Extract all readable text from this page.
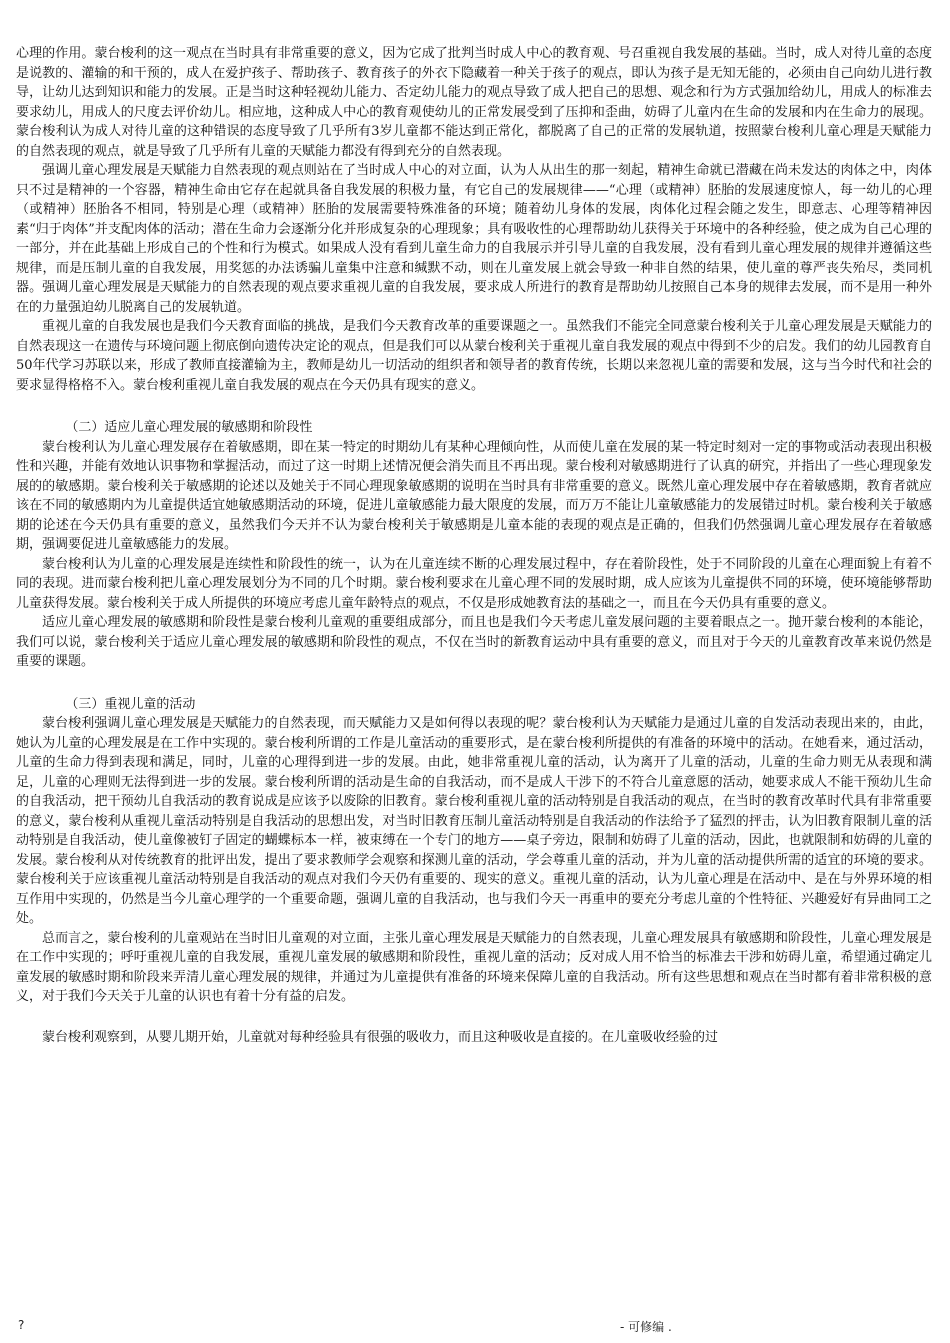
心理的作用。蒙台梭利的这一观点在当时具有非常重要的意义，因为它成了批判当时成人中心的教育观、号召重视自我发展的基础。当时，成人对待儿童的态度是说教的、灌输的和干预的，成人在爱护孩子、帮助孩子、教育孩子的外衣下隐藏着一种关于孩子的观点，即认为孩子是无知无能的，必须由自己向幼儿进行教导，让幼儿达到知识和能力的发展。正是当时这种轻视幼儿能力、否定幼儿能力的观点导致了成人把自己的思想、观念和行为方式强加给幼儿，用成人的标准去要求幼儿，用成人的尺度去评价幼儿。相应地，这种成人中心的教育观使幼儿的正常发展受到了压抑和歪曲，妨碍了儿童内在生命的发展和内在生命力的展现。蒙台梭利认为成人对待儿童的这种错误的态度导致了几乎所有3岁儿童都不能达到正常化，都脱离了自己的正常的发展轨道，按照蒙台梭利儿童心理是天赋能力的自然表现的观点，就是导致了几乎所有儿童的天赋能力都没有得到充分的自然表现。

强调儿童心理发展是天赋能力自然表现的观点则站在了当时成人中心的对立面，认为人从出生的那一刻起，精神生命就已潜藏在尚未发达的肉体之中，肉体只不过是精神的一个容器，精神生命由它存在起就具备自我发展的积极力量，有它自己的发展规律——“心理（或精神）胚胎的发展速度惊人，每一幼儿的心理（或精神）胚胎各不相同，特别是心理（或精神）胚胎的发展需要特殊准备的环境；随着幼儿身体的发展，肉体化过程会随之发生，即意志、心理等精神因素“归于肉体”并支配肉体的活动；潜在生命力会逐渐分化并形成复杂的心理现象；具有吸收性的心理帮助幼儿获得关于环境中的各种经验，使之成为自己心理的一部分，并在此基础上形成自己的个性和行为模式。如果成人没有看到儿童生命力的自我展示并引导儿童的自我发展，没有看到儿童心理发展的规律并遵循这些规律，而是压制儿童的自我发展，用奖惩的办法诱骗儿童集中注意和缄默不动，则在儿童发展上就会导致一种非自然的结果，使儿童的尊严丧失殆尽，类同机器。强调儿童心理发展是天赋能力的自然表现的观点要求重视儿童的自我发展，要求成人所进行的教育是帮助幼儿按照自己本身的规律去发展，而不是用一种外在的力量强迫幼儿脱离自己的发展轨道。

重视儿童的自我发展也是我们今天教育面临的挑战，是我们今天教育改革的重要课题之一。虽然我们不能完全同意蒙台梭利关于儿童心理发展是天赋能力的自然表现这一在遗传与环境问题上彻底倒向遗传决定论的观点，但是我们可以从蒙台梭利关于重视儿童自我发展的观点中得到不少的启发。我们的幼儿园教育自50年代学习苏联以来，形成了教师直接灌输为主，教师是幼儿一切活动的组织者和领导者的教育传统，长期以来忽视儿童的需要和发展，这与当今时代和社会的要求显得格格不入。蒙台梭利重视儿童自我发展的观点在今天仍具有现实的意义。

（二）适应儿童心理发展的敏感期和阶段性

蒙台梭利认为儿童心理发展存在着敏感期，即在某一特定的时期幼儿有某种心理倾向性，从而使儿童在发展的某一特定时刻对一定的事物或活动表现出积极性和兴趣，并能有效地认识事物和掌握活动，而过了这一时期上述情况便会消失而且不再出现。蒙台梭利对敏感期进行了认真的研究，并指出了一些心理现象发展的的敏感期。蒙台梭利关于敏感期的论述以及她关于不同心理现象敏感期的说明在当时具有非常重要的意义。既然儿童心理发展中存在着敏感期，教育者就应该在不同的敏感期内为儿童提供适宜她敏感期活动的环境，促进儿童敏感能力最大限度的发展，而万万不能让儿童敏感能力的发展错过时机。蒙台梭利关于敏感期的论述在今天仍具有重要的意义，虽然我们今天并不认为蒙台梭利关于敏感期是儿童本能的表现的观点是正确的，但我们仍然强调儿童心理发展存在着敏感期，强调要促进儿童敏感能力的发展。

蒙台梭利认为儿童的心理发展是连续性和阶段性的统一，认为在儿童连续不断的心理发展过程中，存在着阶段性，处于不同阶段的儿童在心理面貌上有着不同的表现。进而蒙台梭利把儿童心理发展划分为不同的几个时期。蒙台梭利要求在儿童心理不同的发展时期，成人应该为儿童提供不同的环境，使环境能够帮助儿童获得发展。蒙台梭利关于成人所提供的环境应考虑儿童年龄特点的观点，不仅是形成她教育法的基础之一，而且在今天仍具有重要的意义。

适应儿童心理发展的敏感期和阶段性是蒙台梭利儿童观的重要组成部分，而且也是我们今天考虑儿童发展问题的主要着眼点之一。抛开蒙台梭利的本能论，我们可以说，蒙台梭利关于适应儿童心理发展的敏感期和阶段性的观点，不仅在当时的新教育运动中具有重要的意义，而且对于今天的儿童教育改革来说仍然是重要的课题。

（三）重视儿童的活动

蒙台梭利强调儿童心理发展是天赋能力的自然表现，而天赋能力又是如何得以表现的呢？蒙台梭利认为天赋能力是通过儿童的自发活动表现出来的，由此，她认为儿童的心理发展是在工作中实现的。蒙台梭利所谓的工作是儿童活动的重要形式，是在蒙台梭利所提供的有准备的环境中的活动。在她看来，通过活动，儿童的生命力得到表现和满足，同时，儿童的心理得到进一步的发展。由此，她非常重视儿童的活动，认为离开了儿童的活动，儿童的生命力则无从表现和满足，儿童的心理则无法得到进一步的发展。蒙台梭利所谓的活动是生命的自我活动，而不是成人干涉下的不符合儿童意愿的活动，她要求成人不能干预幼儿生命的自我活动，把干预幼儿自我活动的教育说成是应该予以废除的旧教育。蒙台梭利重视儿童的活动特别是自我活动的观点，在当时的教育改革时代具有非常重要的意义，蒙台梭利从重视儿童活动特别是自我活动的思想出发，对当时旧教育压制儿童活动特别是自我活动的作法给予了猛烈的抨击，认为旧教育限制儿童的活动特别是自我活动，使儿童像被钉子固定的蝴蝶标本一样，被束缚在一个专门的地方——桌子旁边，限制和妨碍了儿童的活动，因此，也就限制和妨碍的儿童的发展。蒙台梭利从对传统教育的批评出发，提出了要求教师学会观察和探测儿童的活动，学会尊重儿童的活动，并为儿童的活动提供所需的适宜的环境的要求。蒙台梭利关于应该重视儿童活动特别是自我活动的观点对我们今天仍有重要的、现实的意义。重视儿童的活动，认为儿童心理是在活动中、是在与外界环境的相互作用中实现的，仍然是当今儿童心理学的一个重要命题，强调儿童的自我活动，也与我们今天一再重申的要充分考虑儿童的个性特征、兴趣爱好有异曲同工之处。

总而言之，蒙台梭利的儿童观站在当时旧儿童观的对立面，主张儿童心理发展是天赋能力的自然表现，儿童心理发展具有敏感期和阶段性，儿童心理发展是在工作中实现的；呼吁重视儿童的自我发展，重视儿童发展的敏感期和阶段性，重视儿童的活动；反对成人用不恰当的标准去干涉和妨碍儿童，希望通过确定儿童发展的敏感时期和阶段来弄清儿童心理发展的规律，并通过为儿童提供有准备的环境来保障儿童的自我活动。所有这些思想和观点在当时都有着非常积极的意义，对于我们今天关于儿童的认识也有着十分有益的启发。

蒙台梭利观察到，从婴儿期开始，儿童就对每种经验具有很强的吸收力，而且这种吸收是直接的。在儿童吸收经验的过

?	- 可修编 .
